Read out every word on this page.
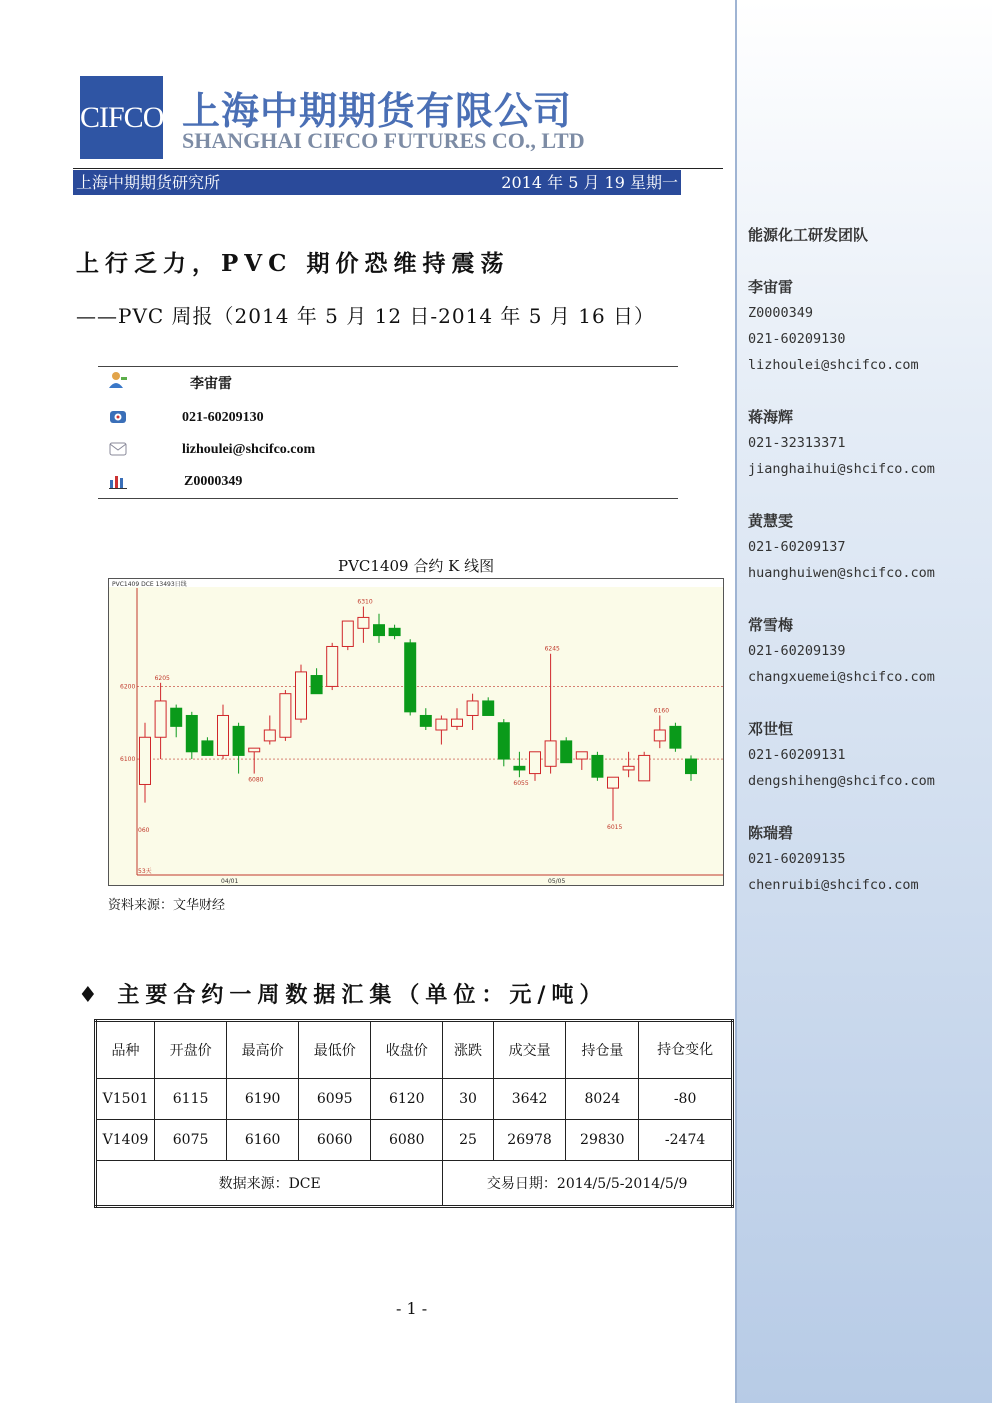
能源化工研发团队
李宙雷
Z0000349
021-60209130
lizhoulei@shcifco.com
蒋海辉
021-32313371
jianghaihui@shcifco.com
黄慧雯
021-60209137
huanghuiwen@shcifco.com
常雪梅
021-60209139
changxuemei@shcifco.com
邓世恒
021-60209131
dengshiheng@shcifco.com
陈瑞碧
021-60209135
chenruibi@shcifco.com
CIFCO 上海中期期货有限公司
SHANGHAI CIFCO FUTURES CO., LTD
上海中期期货研究所	2014 年 5 月 19 星期一
上行乏力，PVC 期价恐维持震荡
——PVC 周报（2014 年 5 月 12 日-2014 年 5 月 16 日）
李宙雷
021-60209130
lizhoulei@shcifco.com
Z0000349
PVC1409 合约 K 线图
PVC1409 DCE 13493日线
6100
6200
6310
6245
6205
6160
6080
6055
6015
060
53天
04/01	05/05
资料来源：文华财经
♦ 主要合约一周数据汇集（单位：元/吨）
品种	开盘价	最高价	最低价	收盘价	涨跌	成交量	持仓量	持仓变化
V1501	6115	6190	6095	6120	30	3642	8024	-80
V1409	6075	6160	6060	6080	25	26978	29830	-2474
数据来源：DCE					交易日期：2014/5/5-2014/5/9			
- 1 -
